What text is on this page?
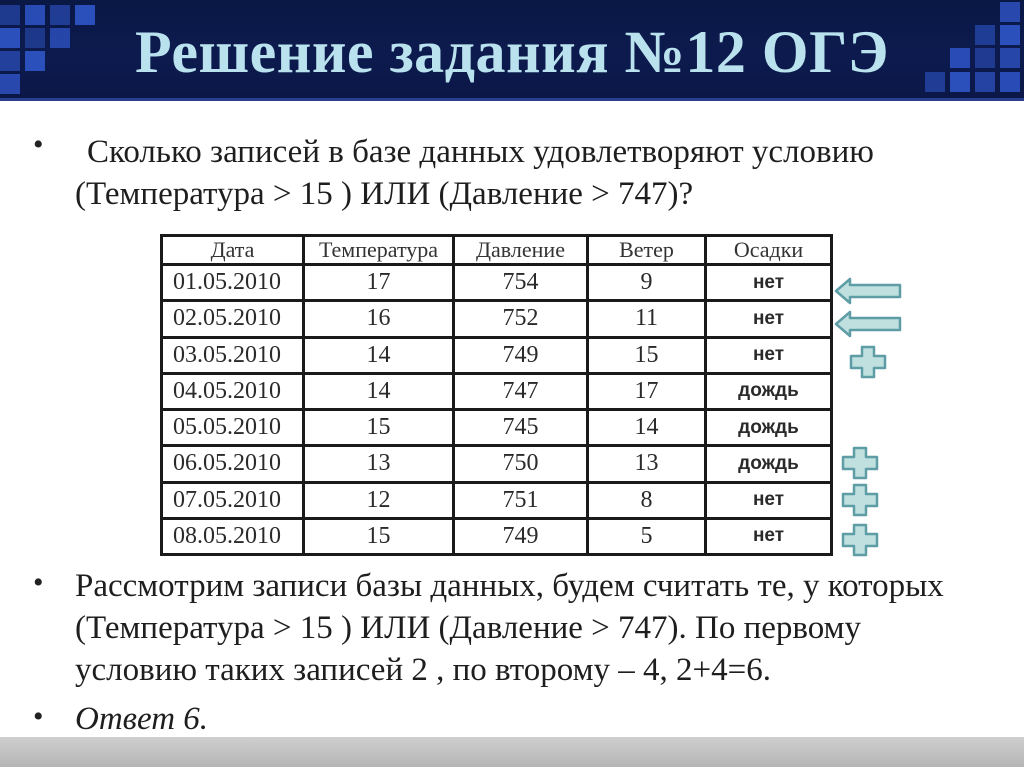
Решение задания №12 ОГЭ
•	Сколько записей в базе данных удовлетворяют условию (Температура > 15 ) ИЛИ (Давление > 747)?
Дата	Температура	Давление	Ветер	Осадки
01.05.2010	17	754	9	нет
02.05.2010	16	752	11	нет
03.05.2010	14	749	15	нет
04.05.2010	14	747	17	дождь
05.05.2010	15	745	14	дождь
06.05.2010	13	750	13	дождь
07.05.2010	12	751	8	нет
08.05.2010	15	749	5	нет
• Рассмотрим записи базы данных, будем считать те, у которых (Температура > 15 ) ИЛИ (Давление > 747). По первому условию таких записей 2 , по второму – 4, 2+4=6.
• Ответ 6.
